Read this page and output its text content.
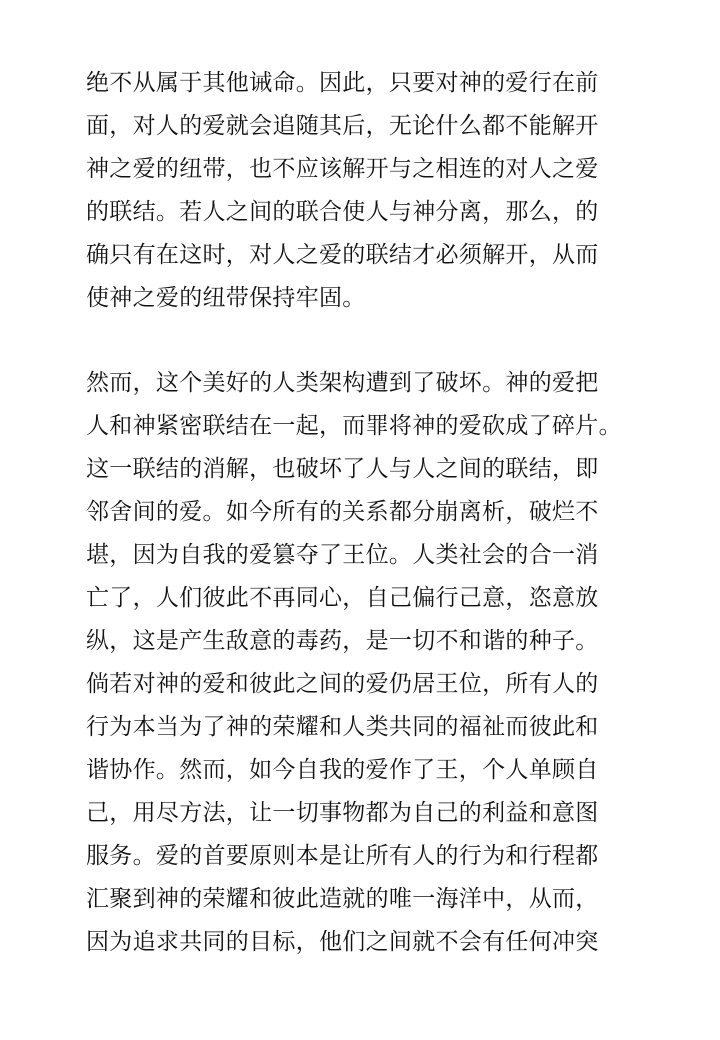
绝不从属于其他诫命。因此，只要对神的爱行在前
面，对人的爱就会追随其后，无论什么都不能解开
神之爱的纽带，也不应该解开与之相连的对人之爱
的联结。若人之间的联合使人与神分离，那么，的
确只有在这时，对人之爱的联结才必须解开，从而
使神之爱的纽带保持牢固。

然而，这个美好的人类架构遭到了破坏。神的爱把
人和神紧密联结在一起，而罪将神的爱砍成了碎片。
这一联结的消解，也破坏了人与人之间的联结，即
邻舍间的爱。如今所有的关系都分崩离析，破烂不
堪，因为自我的爱篡夺了王位。人类社会的合一消
亡了，人们彼此不再同心，自己偏行己意，恣意放
纵，这是产生敌意的毒药，是一切不和谐的种子。
倘若对神的爱和彼此之间的爱仍居王位，所有人的
行为本当为了神的荣耀和人类共同的福祉而彼此和
谐协作。然而，如今自我的爱作了王，个人单顾自
己，用尽方法，让一切事物都为自己的利益和意图
服务。爱的首要原则本是让所有人的行为和行程都
汇聚到神的荣耀和彼此造就的唯一海洋中，从而，
因为追求共同的目标，他们之间就不会有任何冲突
